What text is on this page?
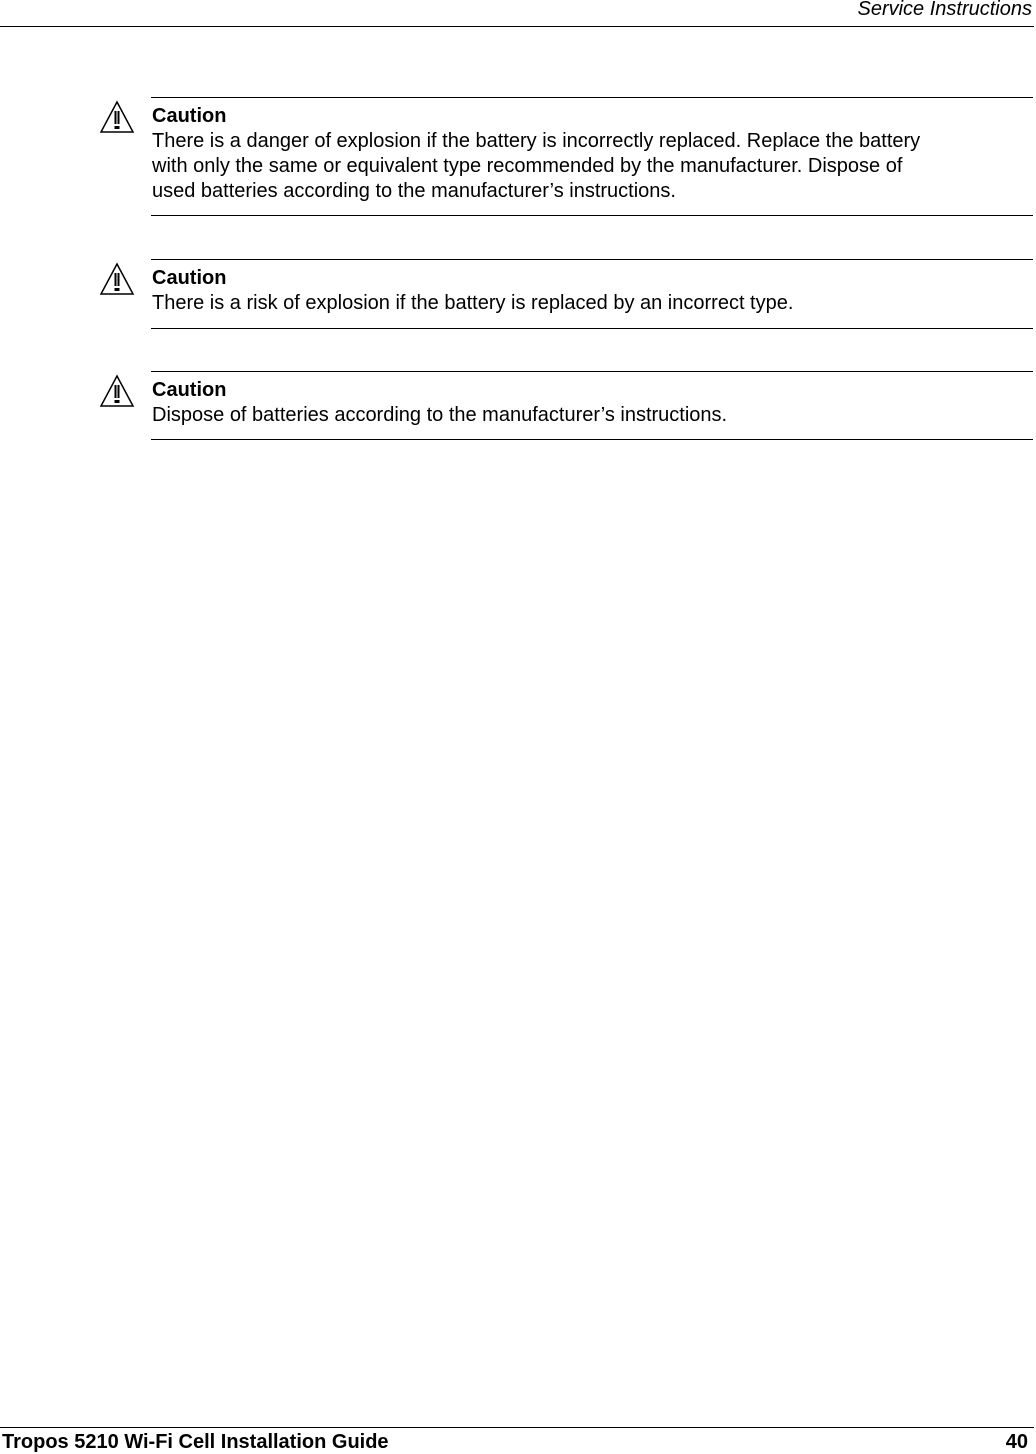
Service Instructions
Caution
There is a danger of explosion if the battery is incorrectly replaced. Replace the battery
with only the same or equivalent type recommended by the manufacturer. Dispose of
used batteries according to the manufacturer’s instructions.
Caution
There is a risk of explosion if the battery is replaced by an incorrect type.
Caution
Dispose of batteries according to the manufacturer’s instructions.
Tropos 5210 Wi-Fi Cell Installation Guide	40
